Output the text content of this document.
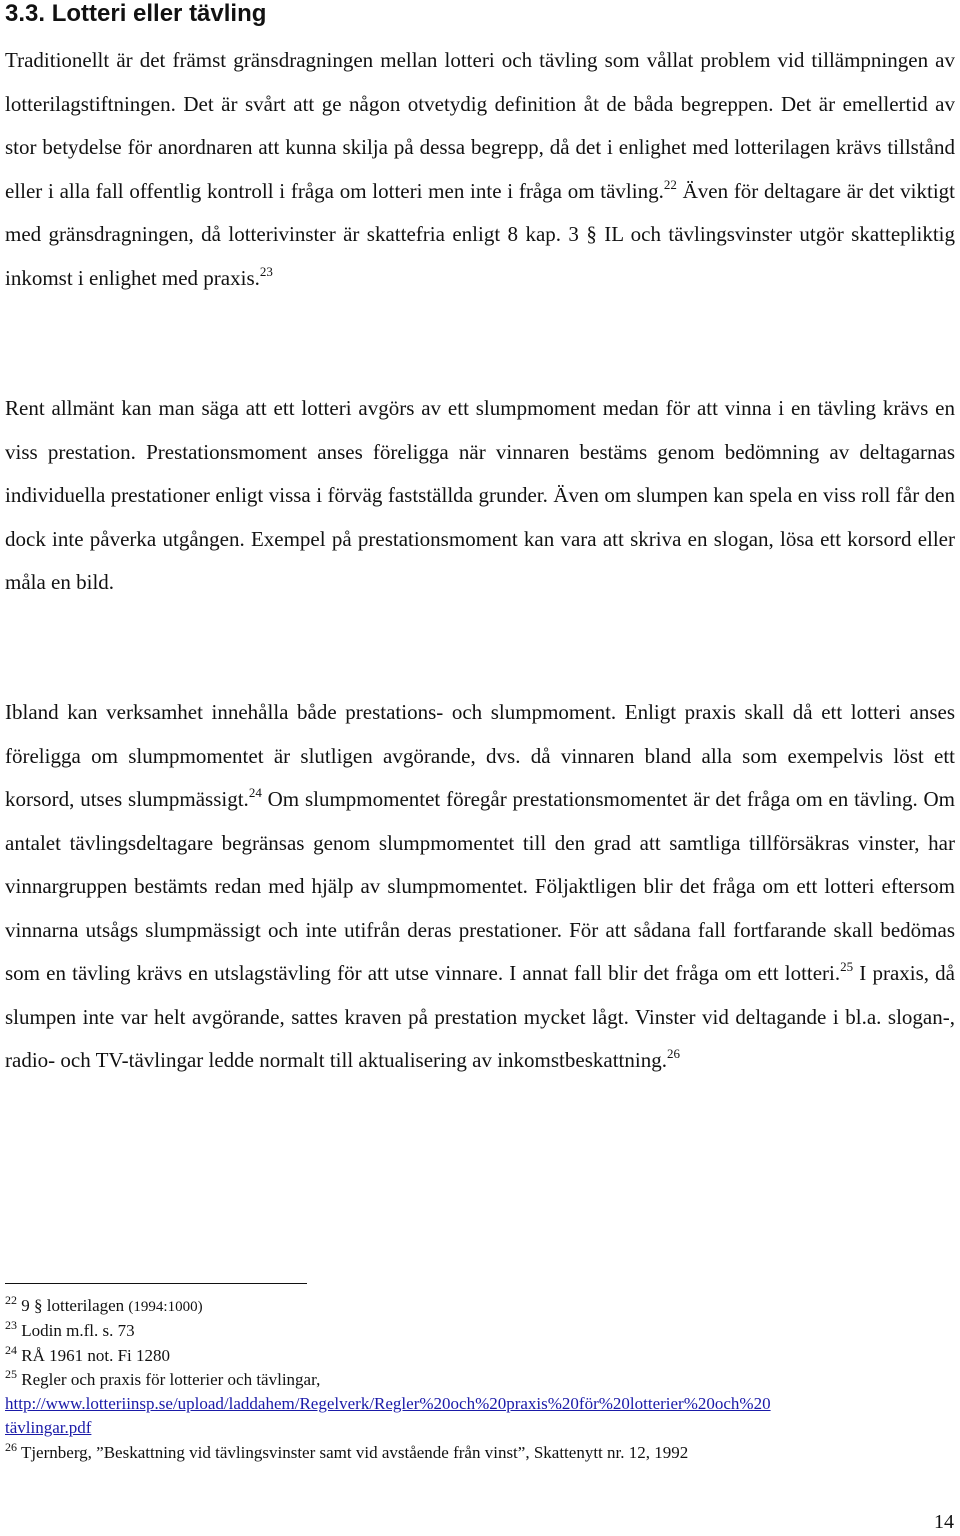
3.3. Lotteri eller tävling

Traditionellt är det främst gränsdragningen mellan lotteri och tävling som vållat problem vid tillämpningen av lotterilagstiftningen. Det är svårt att ge någon otvetydig definition åt de båda begreppen. Det är emellertid av stor betydelse för anordnaren att kunna skilja på dessa begrepp, då det i enlighet med lotterilagen krävs tillstånd eller i alla fall offentlig kontroll i fråga om lotteri men inte i fråga om tävling.$^{22}$ Även för deltagare är det viktigt med gränsdragningen, då lotterivinster är skattefria enligt 8 kap. 3 § IL och tävlingsvinster utgör skattepliktig inkomst i enlighet med praxis.$^{23}$

Rent allmänt kan man säga att ett lotteri avgörs av ett slumpmoment medan för att vinna i en tävling krävs en viss prestation. Prestationsmoment anses föreligga när vinnaren bestäms genom bedömning av deltagarnas individuella prestationer enligt vissa i förväg fastställda grunder. Även om slumpen kan spela en viss roll får den dock inte påverka utgången. Exempel på prestationsmoment kan vara att skriva en slogan, lösa ett korsord eller måla en bild.

Ibland kan verksamhet innehålla både prestations- och slumpmoment. Enligt praxis skall då ett lotteri anses föreligga om slumpmomentet är slutligen avgörande, dvs. då vinnaren bland alla som exempelvis löst ett korsord, utses slumpmässigt.$^{24}$ Om slumpmomentet föregår prestationsmomentet är det fråga om en tävling. Om antalet tävlingsdeltagare begränsas genom slumpmomentet till den grad att samtliga tillförsäkras vinster, har vinnargruppen bestämts redan med hjälp av slumpmomentet. Följaktligen blir det fråga om ett lotteri eftersom vinnarna utsågs slumpmässigt och inte utifrån deras prestationer. För att sådana fall fortfarande skall bedömas som en tävling krävs en utslagstävling för att utse vinnare. I annat fall blir det fråga om ett lotteri.$^{25}$ I praxis, då slumpen inte var helt avgörande, sattes kraven på prestation mycket lågt. Vinster vid deltagande i bl.a. slogan-, radio- och TV-tävlingar ledde normalt till aktualisering av inkomstbeskattning.$^{26}$

$^{22}$ 9 § lotterilagen (1994:1000)

$^{23}$ Lodin m.fl. s. 73

$^{24}$ RÅ 1961 not. Fi 1280

$^{25}$ Regler och praxis för lotterier och tävlingar,

http://www.lotteriinsp.se/upload/laddahem/Regelverk/Regler%20och%20praxis%20för%20lotterier%20och%20

tävlingar.pdf

$^{26}$ Tjernberg, ”Beskattning vid tävlingsvinster samt vid avstående från vinst”, Skattenytt nr. 12, 1992

14
